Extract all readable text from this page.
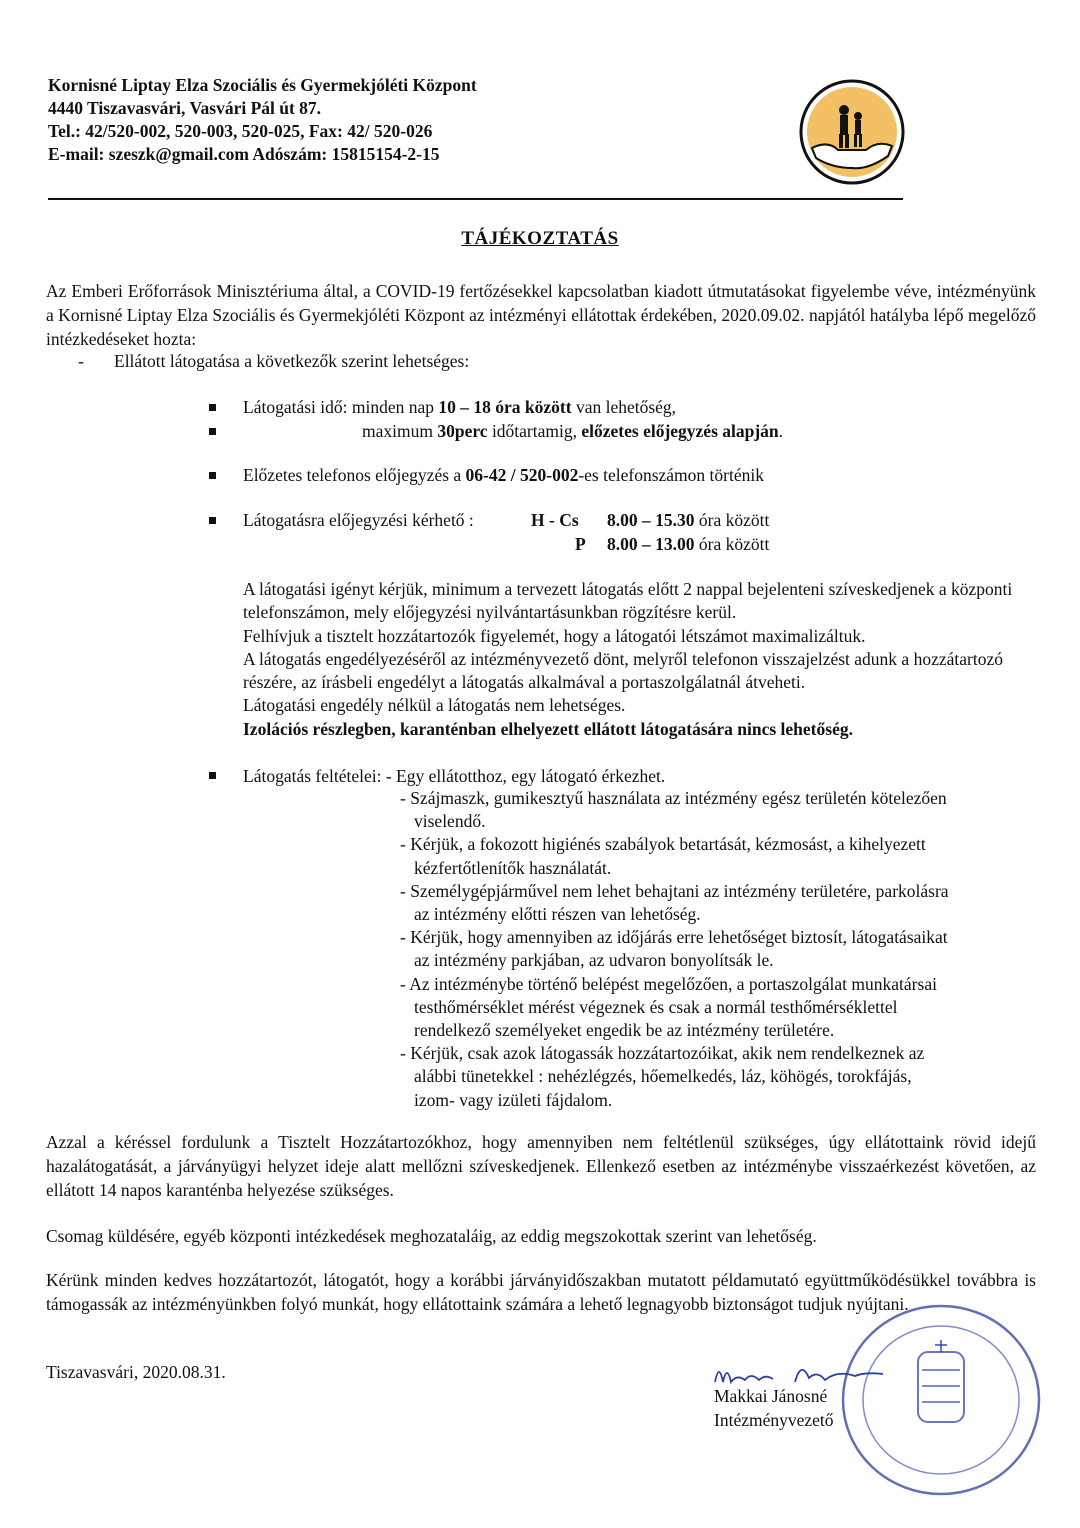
Kornisné Liptay Elza Szociális és Gyermekjóléti Központ
4440 Tiszavasvári, Vasvári Pál út 87.
Tel.: 42/520-002, 520-003, 520-025, Fax: 42/ 520-026
E-mail: szeszk@gmail.com Adószám: 15815154-2-15
TÁJÉKOZTATÁS
Az Emberi Erőforrások Minisztériuma által, a COVID-19 fertőzésekkel kapcsolatban kiadott útmutatásokat figyelembe véve, intézményünk a Kornisné Liptay Elza Szociális és Gyermekjóléti Központ az intézményi ellátottak érdekében, 2020.09.02. napjától hatályba lépő megelőző intézkedéseket hozta:
- Ellátott látogatása a következők szerint lehetséges:
Látogatási idő: minden nap 10 – 18 óra között van lehetőség,
maximum 30perc időtartamig, előzetes előjegyzés alapján.
Előzetes telefonos előjegyzés a 06-42 / 520-002-es telefonszámon történik
Látogatásra előjegyzési kérhető :	H - Cs 8.00 – 15.30 óra között
P 8.00 – 13.00 óra között
A látogatási igényt kérjük, minimum a tervezett látogatás előtt 2 nappal bejelenteni szíveskedjenek a központi telefonszámon, mely előjegyzési nyilvántartásunkban rögzítésre kerül.
Felhívjuk a tisztelt hozzátartozók figyelemét, hogy a látogatói létszámot maximalizáltuk.
A látogatás engedélyezéséről az intézményvezető dönt, melyről telefonon visszajelzést adunk a hozzátartozó részére, az írásbeli engedélyt a látogatás alkalmával a portaszolgálatnál átveheti.
Látogatási engedély nélkül a látogatás nem lehetséges.
Izolációs részlegben, karanténban elhelyezett ellátott látogatására nincs lehetőség.
Látogatás feltételei: - Egy ellátotthoz, egy látogató érkezhet.
- Szájmaszk, gumikesztyű használata az intézmény egész területén kötelezően
viselendő.
- Kérjük, a fokozott higiénés szabályok betartását, kézmosást, a kihelyezett
kézfertőtlenítők használatát.
- Személygépjárművel nem lehet behajtani az intézmény területére, parkolásra
az intézmény előtti részen van lehetőség.
- Kérjük, hogy amennyiben az időjárás erre lehetőséget biztosít, látogatásaikat
az intézmény parkjában, az udvaron bonyolítsák le.
- Az intézménybe történő belépést megelőzően, a portaszolgálat munkatársai
testhőmérséklet mérést végeznek és csak a normál testhőmérséklettel
rendelkező személyeket engedik be az intézmény területére.
- Kérjük, csak azok látogassák hozzátartozóikat, akik nem rendelkeznek az
alábbi tünetekkel : nehézlégzés, hőemelkedés, láz, köhögés, torokfájás,
izom- vagy izületi fájdalom.
Azzal a kéréssel fordulunk a Tisztelt Hozzátartozókhoz, hogy amennyiben nem feltétlenül szükséges, úgy ellátottaink rövid idejű hazalátogatását, a járványügyi helyzet ideje alatt mellőzni szíveskedjenek. Ellenkező esetben az intézménybe visszaérkezést követően, az ellátott 14 napos karanténba helyezése szükséges.
Csomag küldésére, egyéb központi intézkedések meghozataláig, az eddig megszokottak szerint van lehetőség.
Kérünk minden kedves hozzátartozót, látogatót, hogy a korábbi járványidőszakban mutatott példamutató együttműködésükkel továbbra is támogassák az intézményünkben folyó munkát, hogy ellátottaink számára a lehető legnagyobb biztonságot tudjuk nyújtani.
Tiszavasvári, 2020.08.31.
Makkai Jánosné
Intézményvezető
